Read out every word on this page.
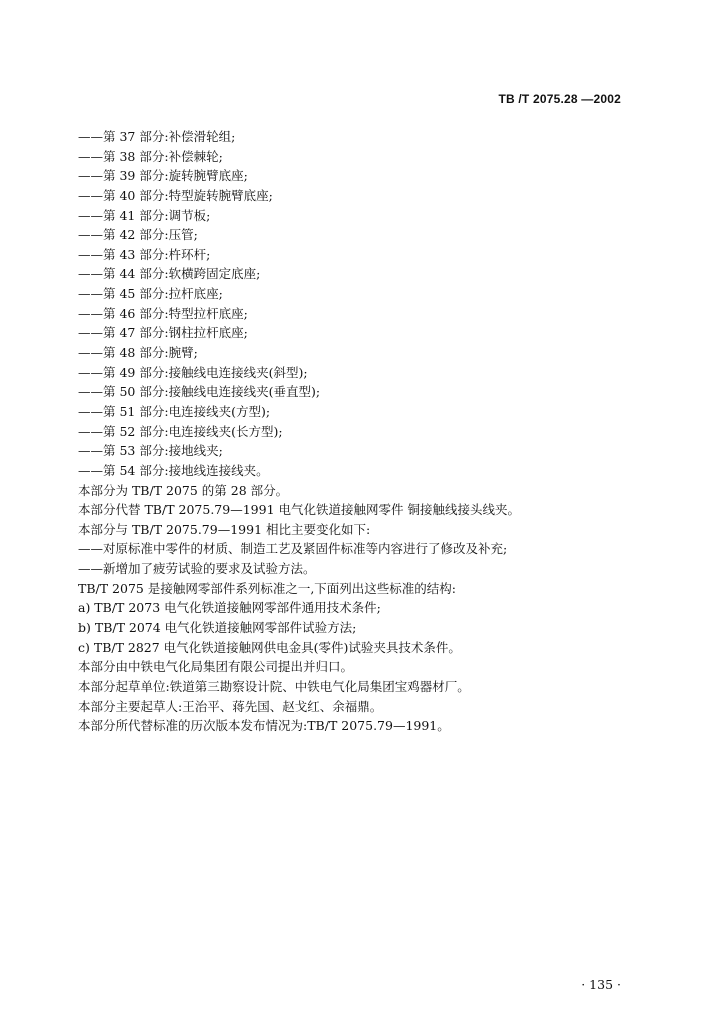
TB /T 2075.28 —2002
——第 37 部分:补偿滑轮组;
——第 38 部分:补偿棘轮;
——第 39 部分:旋转腕臂底座;
——第 40 部分:特型旋转腕臂底座;
——第 41 部分:调节板;
——第 42 部分:压管;
——第 43 部分:杵环杆;
——第 44 部分:软横跨固定底座;
——第 45 部分:拉杆底座;
——第 46 部分:特型拉杆底座;
——第 47 部分:钢柱拉杆底座;
——第 48 部分:腕臂;
——第 49 部分:接触线电连接线夹(斜型);
——第 50 部分:接触线电连接线夹(垂直型);
——第 51 部分:电连接线夹(方型);
——第 52 部分:电连接线夹(长方型);
——第 53 部分:接地线夹;
——第 54 部分:接地线连接线夹。
本部分为 TB/T 2075 的第 28 部分。
本部分代替 TB/T 2075.79—1991 电气化铁道接触网零件 铜接触线接头线夹。
本部分与 TB/T 2075.79—1991 相比主要变化如下:
——对原标准中零件的材质、制造工艺及紧固件标准等内容进行了修改及补充;
——新增加了疲劳试验的要求及试验方法。
TB/T 2075 是接触网零部件系列标准之一,下面列出这些标准的结构:
a) TB/T 2073 电气化铁道接触网零部件通用技术条件;
b) TB/T 2074 电气化铁道接触网零部件试验方法;
c) TB/T 2827 电气化铁道接触网供电金具(零件)试验夹具技术条件。
本部分由中铁电气化局集团有限公司提出并归口。
本部分起草单位:铁道第三勘察设计院、中铁电气化局集团宝鸡器材厂。
本部分主要起草人:王治平、蒋先国、赵戈红、余福鼎。
本部分所代替标准的历次版本发布情况为:TB/T 2075.79—1991。
· 135 ·
